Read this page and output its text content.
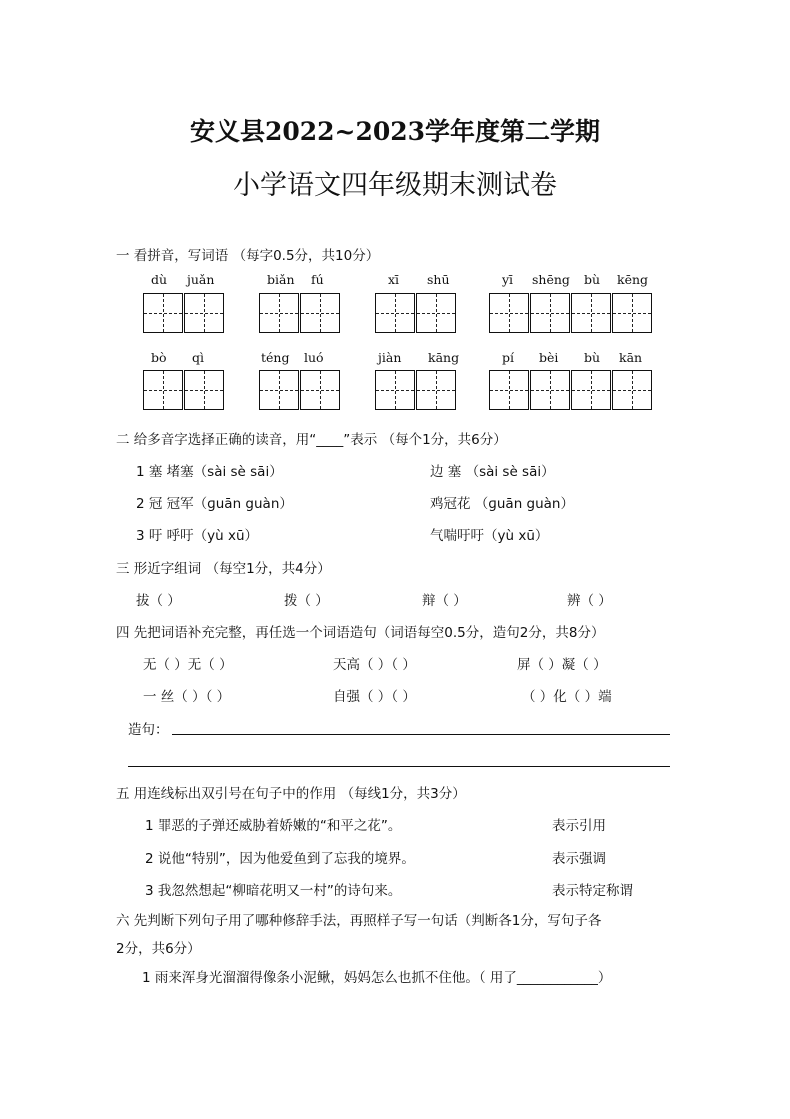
安义县2022~2023学年度第二学期
小学语文四年级期末测试卷
一 看拼音，写词语 （每字0.5分，共10分）
dù juǎn	biǎn fú	xī shū	yī shēng bù kēng
bò qì	téng luó	jiàn kāng	pí bèi bù kān
二 给多音字选择正确的读音，用“____”表示 （每个1分，共6分）
1 塞 堵塞（sài sè sāi）	边 塞 （sài sè sāi）
2 冠 冠军（ɡuān guàn）	鸡冠花 （ɡuān guàn）
3 吁 呼吁（yù xū）	气喘吁吁（yù xū）
三 形近字组词 （每空1分，共4分）
拔（ ）	拨（ ）	辩（ ）	辨（ ）
四 先把词语补充完整，再任选一个词语造句（词语每空0.5分，造句2分，共8分）
无（ ）无（ ）	天高（ ）（ ）	屏（ ）凝（ ）
一 丝（ ）（ ）	自强（ ）（ ）	（ ）化（ ）端
造句：
五 用连线标出双引号在句子中的作用 （每线1分，共3分）
1 罪恶的子弹还威胁着娇嫩的“和平之花”。
2 说他“特别”，因为他爱鱼到了忘我的境界。
3 我忽然想起“柳暗花明又一村”的诗句来。
表示引用
表示强调
表示特定称谓
六 先判断下列句子用了哪种修辞手法，再照样子写一句话（判断各1分，写句子各
2分，共6分）
1 雨来浑身光溜溜得像条小泥鳅，妈妈怎么也抓不住他。（ 用了____________）
